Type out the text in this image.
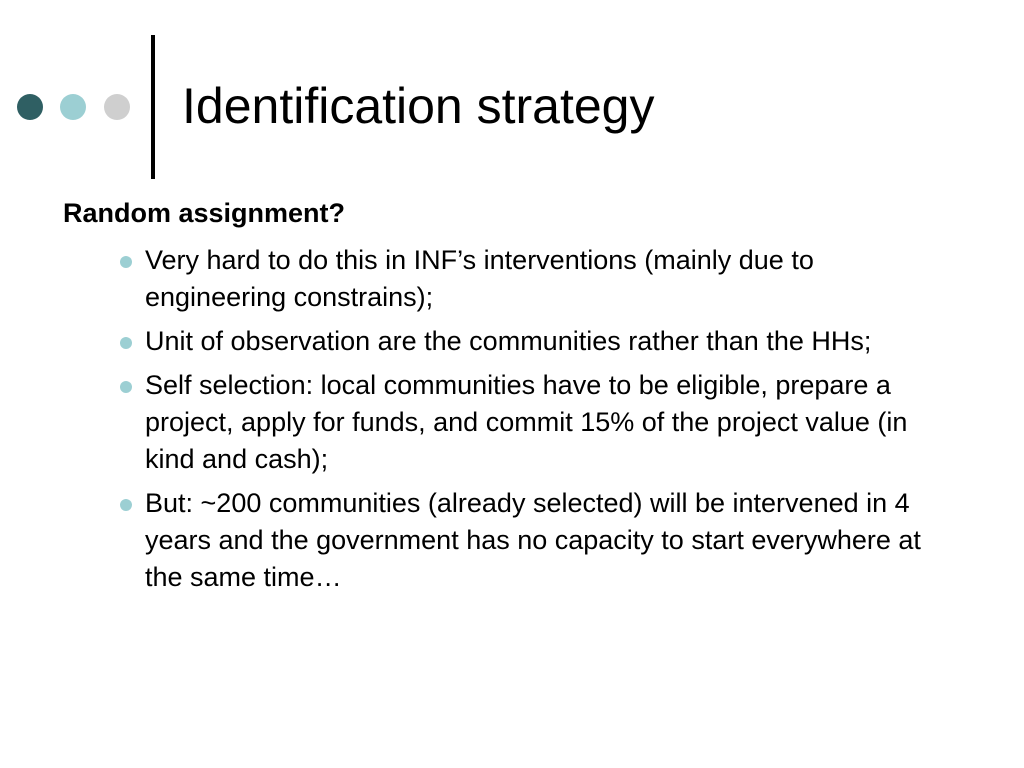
Identification strategy
Random assignment?
Very hard to do this in INF’s interventions (mainly due to engineering constrains);
Unit of observation are the communities rather than the HHs;
Self selection: local communities have to be eligible, prepare a project, apply for funds, and commit 15% of the project value (in kind and cash);
But: ~200 communities (already selected) will be intervened in 4 years and the government has no capacity to start everywhere at the same time…
